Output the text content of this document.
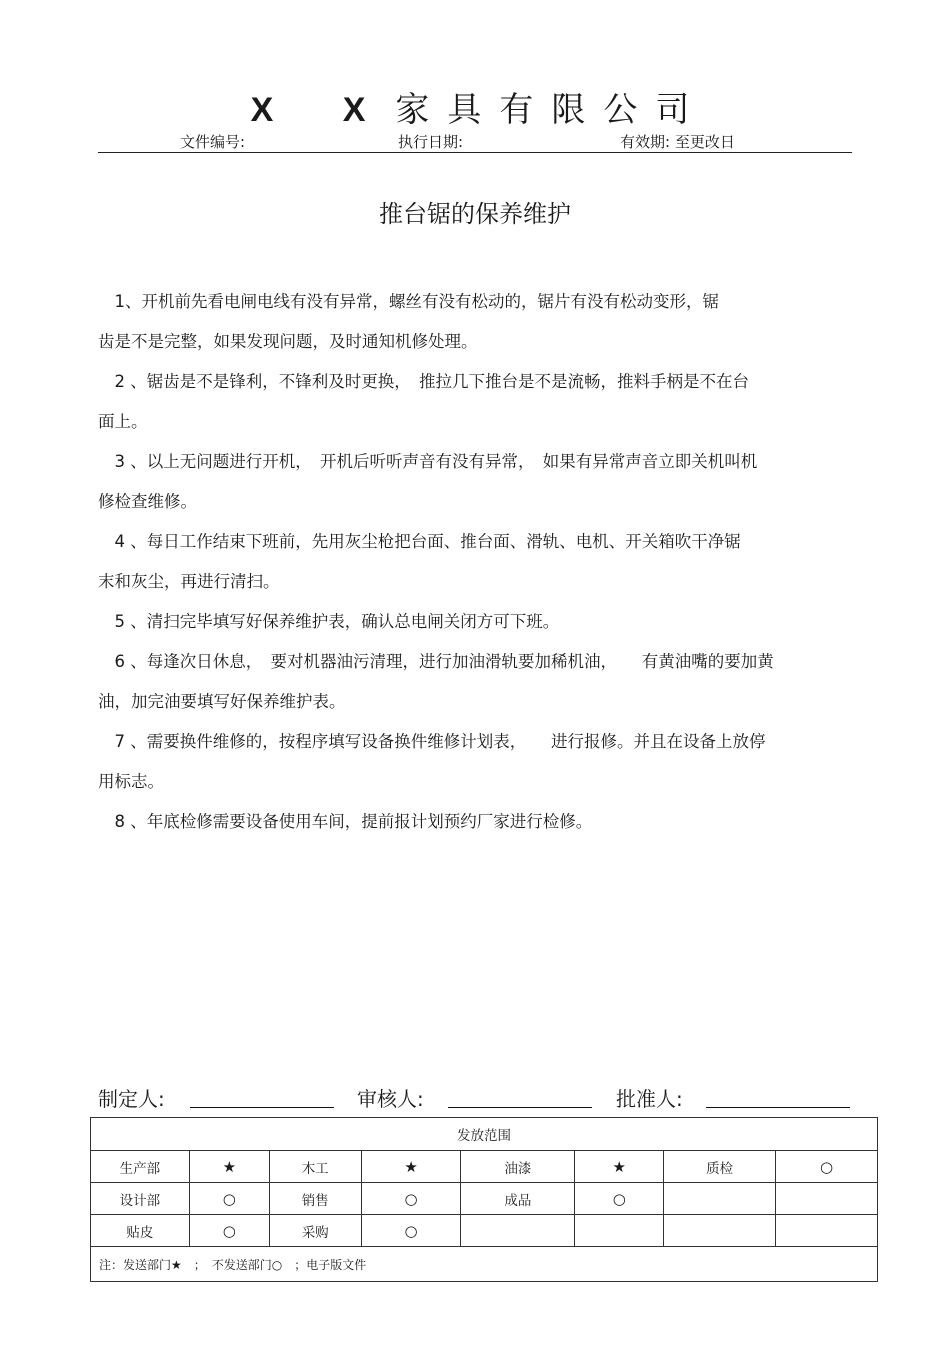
X X家具有限公司
文件编号:	执行日期:	有效期: 至更改日
推台锯的保养维护

　1、开机前先看电闸电线有没有异常，螺丝有没有松动的，锯片有没有松动变形，锯

齿是不是完整，如果发现问题，及时通知机修处理。

　2 、锯齿是不是锋利，不锋利及时更换，　推拉几下推台是不是流畅，推料手柄是不在台

面上。

　3 、以上无问题进行开机，　开机后听听声音有没有异常，　如果有异常声音立即关机叫机

修检查维修。

　4 、每日工作结束下班前，先用灰尘枪把台面、推台面、滑轨、电机、开关箱吹干净锯

末和灰尘，再进行清扫。

　5 、清扫完毕填写好保养维护表，确认总电闸关闭方可下班。

　6 、每逢次日休息，　要对机器油污清理，进行加油滑轨要加稀机油，　　有黄油嘴的要加黄

油，加完油要填写好保养维护表。

　7 、需要换件维修的，按程序填写设备换件维修计划表，　　进行报修。并且在设备上放停

用标志。

　8 、年底检修需要设备使用车间，提前报计划预约厂家进行检修。

制定人:	审核人:	批准人:
发放范围							
生产部	★	木工	★	油漆	★	质检	○
设计部	○	销售	○	成品	○		
贴皮	○	采购	○				
注：发送部门★　；　不发送部门○　；电子版文件							
